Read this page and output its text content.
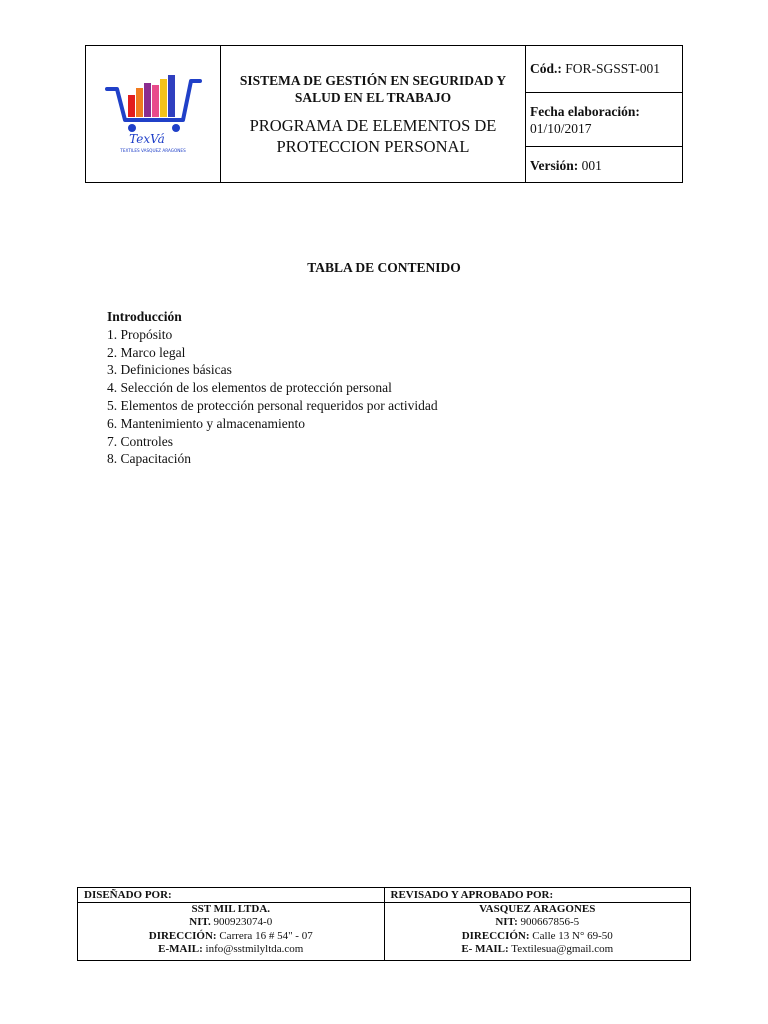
TexVá
TEXTILES VASQUEZ ARAGONES
SISTEMA DE GESTIÓN EN SEGURIDAD Y SALUD EN EL TRABAJO
PROGRAMA DE ELEMENTOS DE PROTECCION PERSONAL
Cód.: FOR-SGSST-001
Fecha elaboración:
01/10/2017
Versión: 001
TABLA DE CONTENIDO
Introducción
1. Propósito
2. Marco legal
3. Definiciones básicas
4. Selección de los elementos de protección personal
5. Elementos de protección personal requeridos por actividad
6. Mantenimiento y almacenamiento
7. Controles
8. Capacitación
DISEÑADO POR:
SST MIL LTDA.
NIT. 900923074-0
DIRECCIÓN: Carrera 16 # 54" - 07
E-MAIL: info@sstmilyltda.com
REVISADO Y APROBADO POR:
VASQUEZ ARAGONES
NIT: 900667856-5
DIRECCIÓN: Calle 13 N° 69-50
E- MAIL: Textilesua@gmail.com
